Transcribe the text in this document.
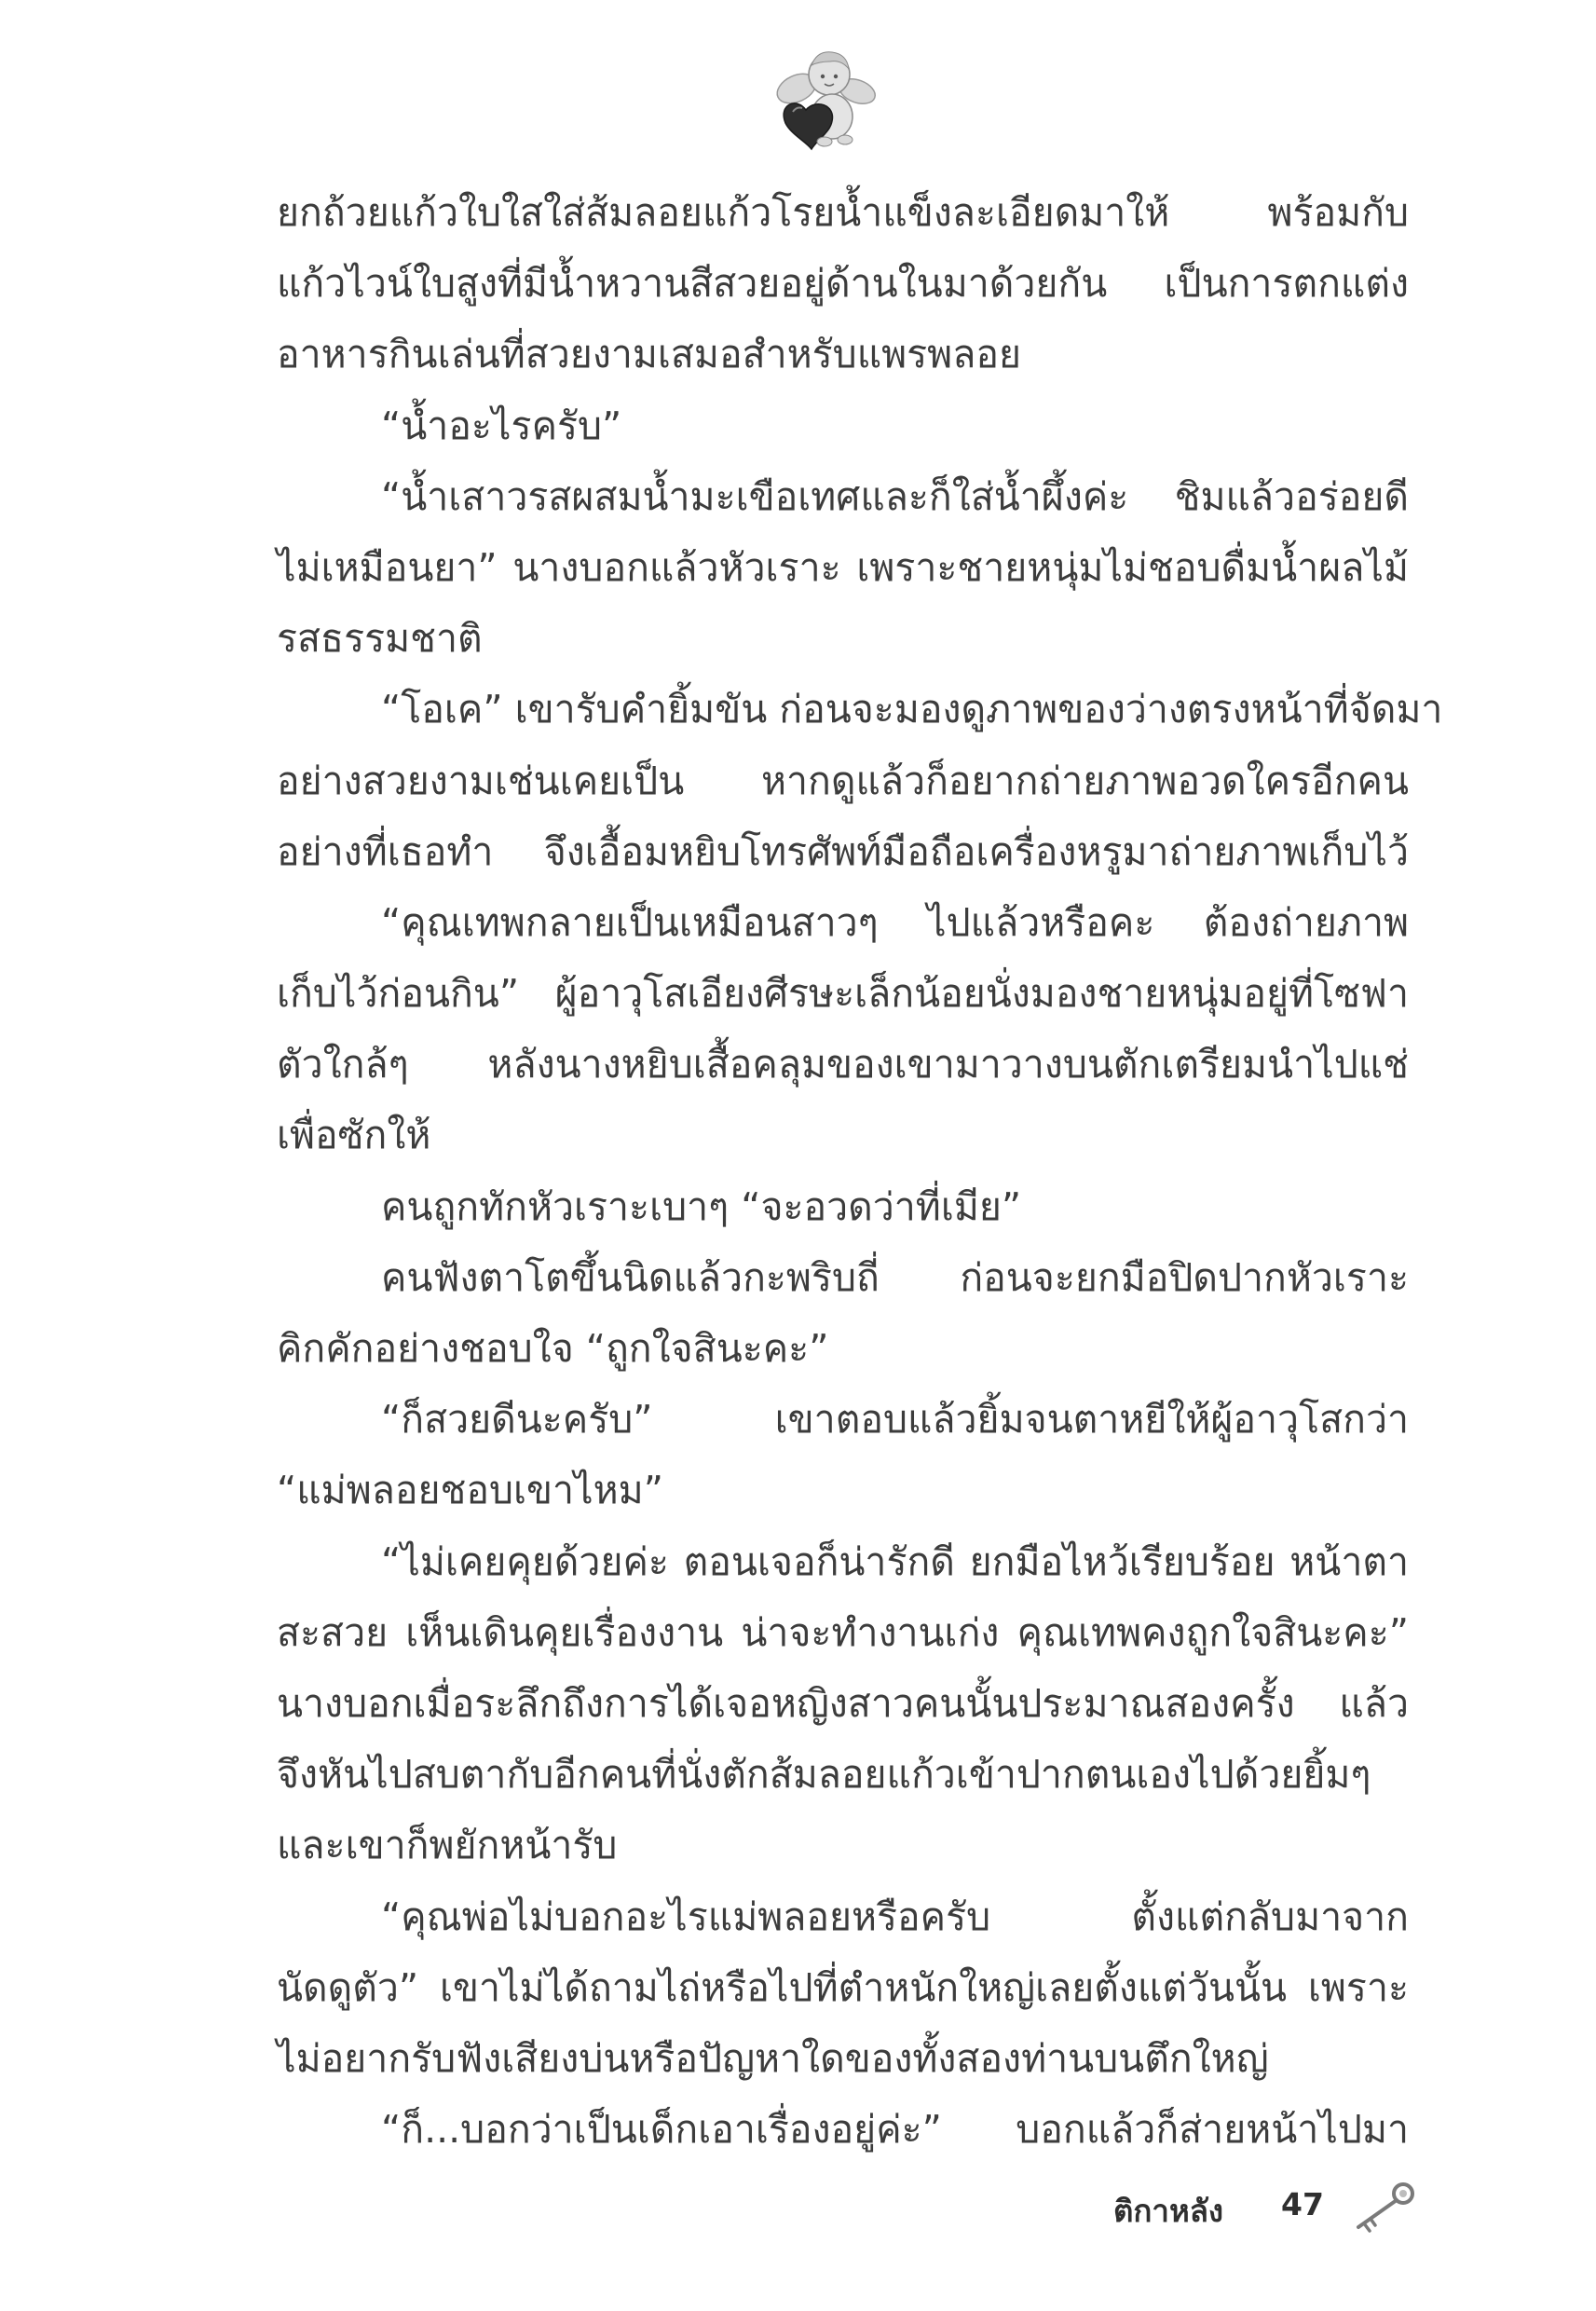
ยกถ้วยแก้วใบใสใส่ส้มลอยแก้วโรยน้ำแข็งละเอียดมาให้ พร้อมกับ
แก้วไวน์ใบสูงที่มีน้ำหวานสีสวยอยู่ด้านในมาด้วยกัน เป็นการตกแต่ง
อาหารกินเล่นที่สวยงามเสมอสำหรับแพรพลอย
“น้ำอะไรครับ”
“น้ำเสาวรสผสมน้ำมะเขือเทศและก็ใส่น้ำผึ้งค่ะ ชิมแล้วอร่อยดี
ไม่เหมือนยา” นางบอกแล้วหัวเราะ เพราะชายหนุ่มไม่ชอบดื่มน้ำผลไม้
รสธรรมชาติ
“โอเค” เขารับคำยิ้มขัน ก่อนจะมองดูภาพของว่างตรงหน้าที่จัดมา
อย่างสวยงามเช่นเคยเป็น หากดูแล้วก็อยากถ่ายภาพอวดใครอีกคน
อย่างที่เธอทำ จึงเอื้อมหยิบโทรศัพท์มือถือเครื่องหรูมาถ่ายภาพเก็บไว้
“คุณเทพกลายเป็นเหมือนสาวๆ ไปแล้วหรือคะ ต้องถ่ายภาพ
เก็บไว้ก่อนกิน” ผู้อาวุโสเอียงศีรษะเล็กน้อยนั่งมองชายหนุ่มอยู่ที่โซฟา
ตัวใกล้ๆ หลังนางหยิบเสื้อคลุมของเขามาวางบนตักเตรียมนำไปแช่
เพื่อซักให้
คนถูกทักหัวเราะเบาๆ “จะอวดว่าที่เมีย”
คนฟังตาโตขึ้นนิดแล้วกะพริบถี่ ก่อนจะยกมือปิดปากหัวเราะ
คิกคักอย่างชอบใจ “ถูกใจสินะคะ”
“ก็สวยดีนะครับ” เขาตอบแล้วยิ้มจนตาหยีให้ผู้อาวุโสกว่า
“แม่พลอยชอบเขาไหม”
“ไม่เคยคุยด้วยค่ะ ตอนเจอก็น่ารักดี ยกมือไหว้เรียบร้อย หน้าตา
สะสวย เห็นเดินคุยเรื่องงาน น่าจะทำงานเก่ง คุณเทพคงถูกใจสินะคะ”
นางบอกเมื่อระลึกถึงการได้เจอหญิงสาวคนนั้นประมาณสองครั้ง แล้ว
จึงหันไปสบตากับอีกคนที่นั่งตักส้มลอยแก้วเข้าปากตนเองไปด้วยยิ้มๆ
และเขาก็พยักหน้ารับ
“คุณพ่อไม่บอกอะไรแม่พลอยหรือครับ ตั้งแต่กลับมาจาก
นัดดูตัว” เขาไม่ได้ถามไถ่หรือไปที่ตำหนักใหญ่เลยตั้งแต่วันนั้น เพราะ
ไม่อยากรับฟังเสียงบ่นหรือปัญหาใดของทั้งสองท่านบนตึกใหญ่
“ก็...บอกว่าเป็นเด็กเอาเรื่องอยู่ค่ะ” บอกแล้วก็ส่ายหน้าไปมา
ติกาหลัง 47
